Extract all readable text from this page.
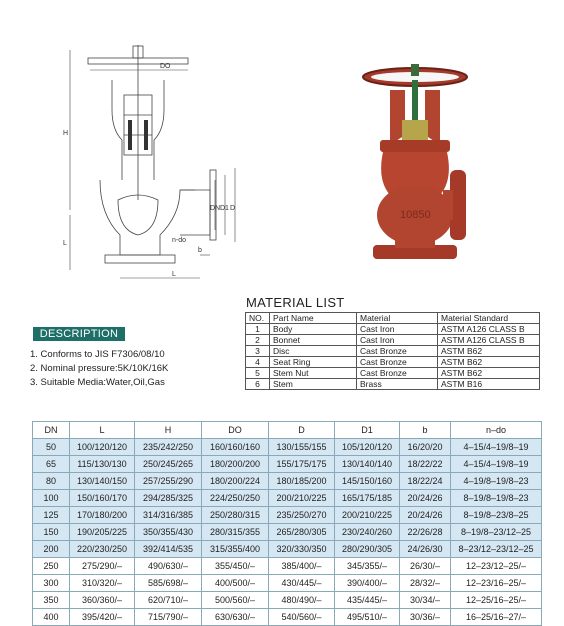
DO
H
L
DN D1 D
n-do
b
L
10850
MATERIAL LIST
NO.	Part Name	Material	Material Standard
1	Body	Cast Iron	ASTM A126 CLASS B
2	Bonnet	Cast Iron	ASTM A126 CLASS B
3	Disc	Cast Bronze	ASTM B62
4	Seat Ring	Cast Bronze	ASTM B62
5	Stem Nut	Cast Bronze	ASTM B62
6	Stem	Brass	ASTM B16
DESCRIPTION
1. Conforms to JIS F7306/08/10
2. Nominal pressure:5K/10K/16K
3. Suitable Media:Water,Oil,Gas
DN	L	H	DO	D	D1	b	n–do
50	100/120/120	235/242/250	160/160/160	130/155/155	105/120/120	16/20/20	4–15/4–19/8–19
65	115/130/130	250/245/265	180/200/200	155/175/175	130/140/140	18/22/22	4–15/4–19/8–19
80	130/140/150	257/255/290	180/200/224	180/185/200	145/150/160	18/22/24	4–19/8–19/8–23
100	150/160/170	294/285/325	224/250/250	200/210/225	165/175/185	20/24/26	8–19/8–19/8–23
125	170/180/200	314/316/385	250/280/315	235/250/270	200/210/225	20/24/26	8–19/8–23/8–25
150	190/205/225	350/355/430	280/315/355	265/280/305	230/240/260	22/26/28	8–19/8–23/12–25
200	220/230/250	392/414/535	315/355/400	320/330/350	280/290/305	24/26/30	8–23/12–23/12–25
250	275/290/–	490/630/–	355/450/–	385/400/–	345/355/–	26/30/–	12–23/12–25/–
300	310/320/–	585/698/–	400/500/–	430/445/–	390/400/–	28/32/–	12–23/16–25/–
350	360/360/–	620/710/–	500/560/–	480/490/–	435/445/–	30/34/–	12–25/16–25/–
400	395/420/–	715/790/–	630/630/–	540/560/–	495/510/–	30/36/–	16–25/16–27/–
